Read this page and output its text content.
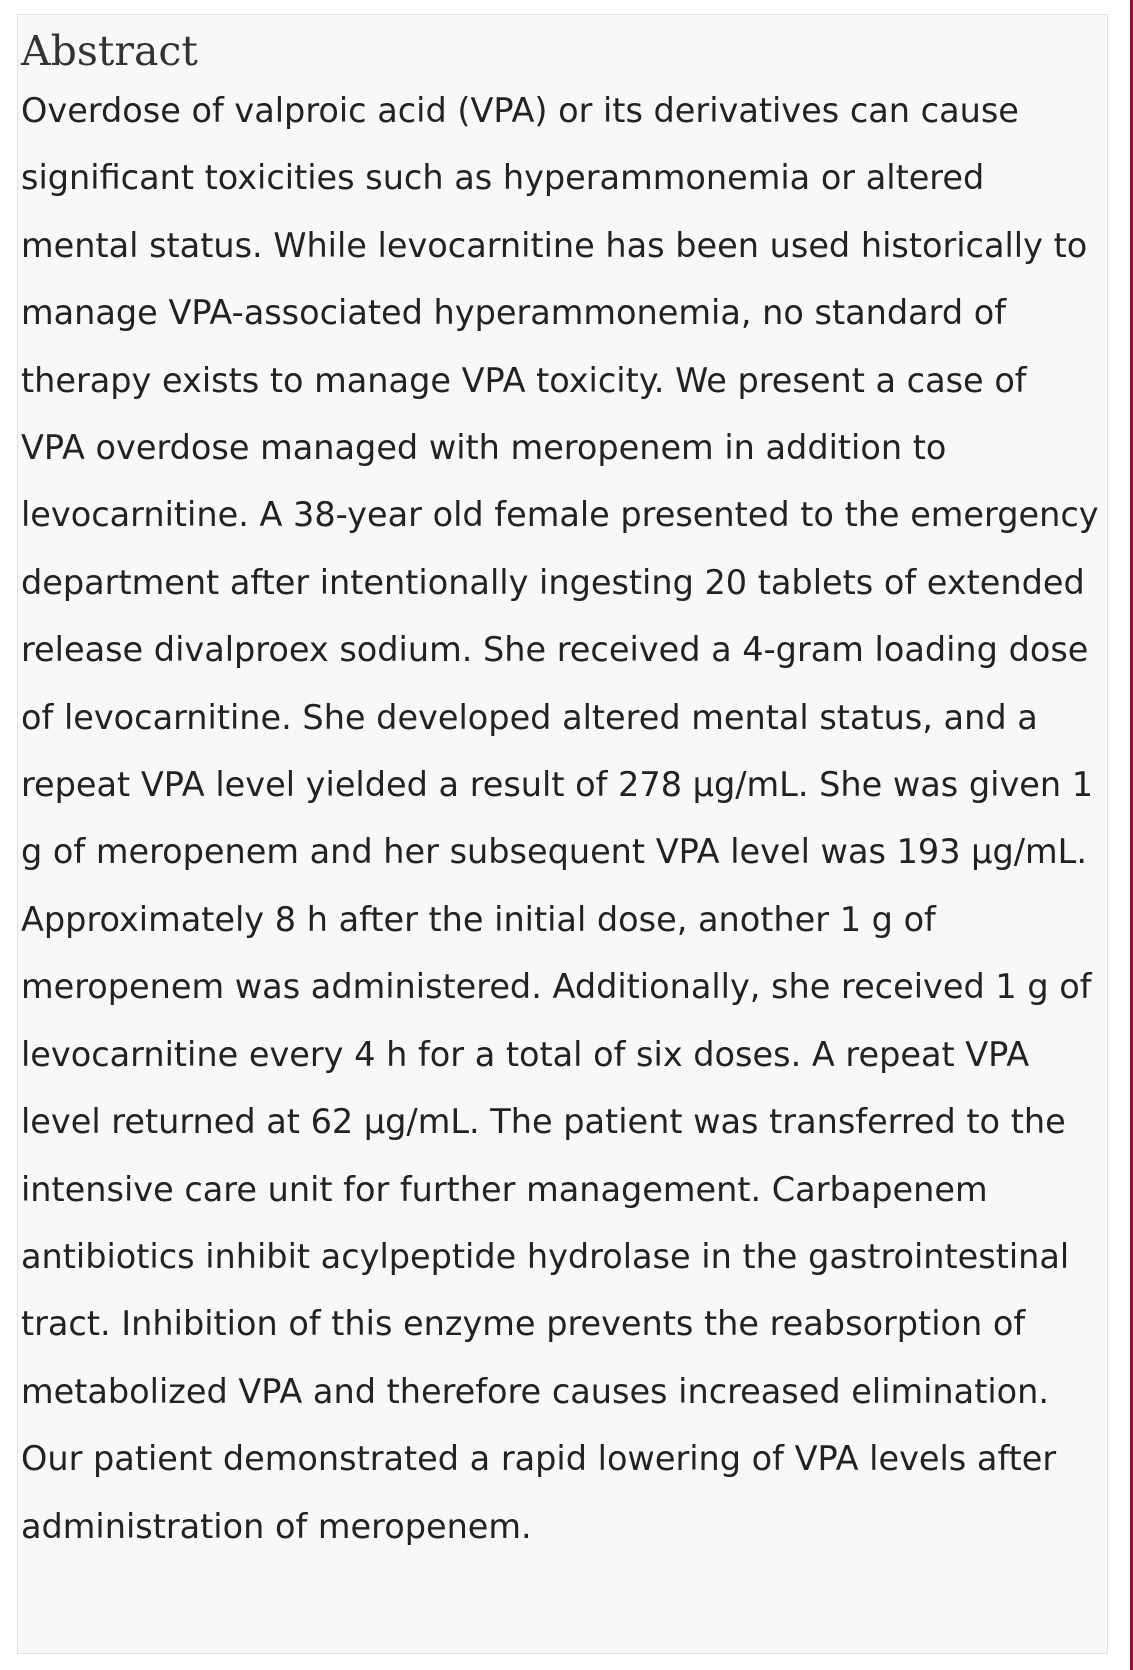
Abstract

Overdose of valproic acid (VPA) or its derivatives can cause significant toxicities such as hyperammonemia or altered mental status. While levocarnitine has been used historically to manage VPA-associated hyperammonemia, no standard of therapy exists to manage VPA toxicity. We present a case of VPA overdose managed with meropenem in addition to levocarnitine. A 38-year old female presented to the emergency department after intentionally ingesting 20 tablets of extended release divalproex sodium. She received a 4-gram loading dose of levocarnitine. She developed altered mental status, and a repeat VPA level yielded a result of 278 μg/mL. She was given 1 g of meropenem and her subsequent VPA level was 193 μg/mL. Approximately 8 h after the initial dose, another 1 g of meropenem was administered. Additionally, she received 1 g of levocarnitine every 4 h for a total of six doses. A repeat VPA level returned at 62 μg/mL. The patient was transferred to the intensive care unit for further management. Carbapenem antibiotics inhibit acylpeptide hydrolase in the gastrointestinal tract. Inhibition of this enzyme prevents the reabsorption of metabolized VPA and therefore causes increased elimination. Our patient demonstrated a rapid lowering of VPA levels after administration of meropenem.
